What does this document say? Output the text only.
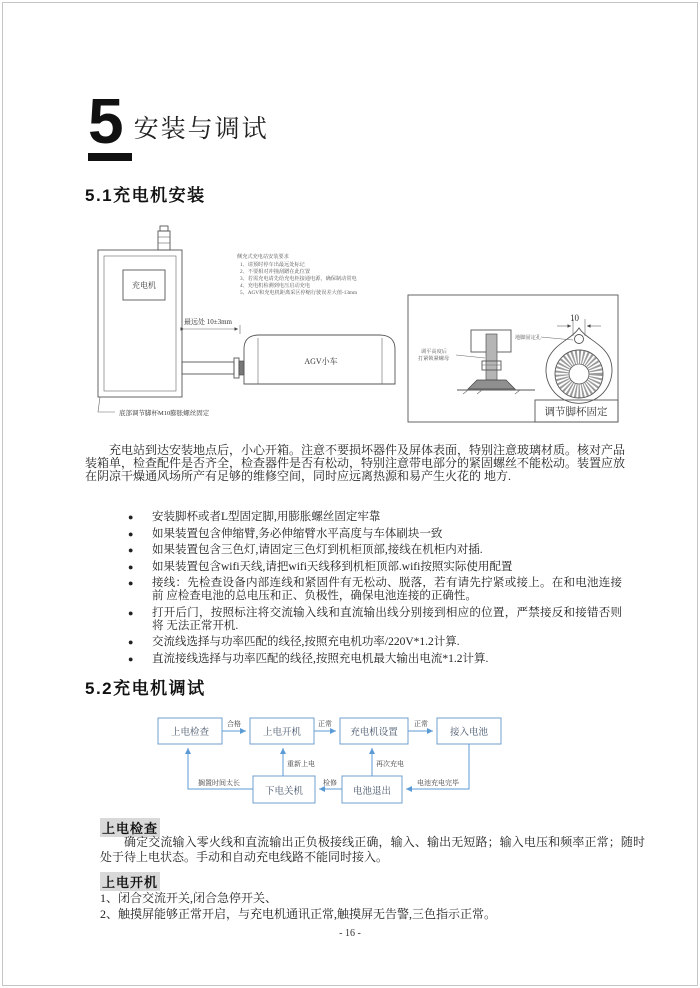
5 安装与调试
5.1充电机安装
充电机
侧充式充电站安装要求
1、请预时停车出最远处标记
2、不要相对冲撞刮蹭在此位置
3、若需充电请先给充电柜接通电源，确保制动常电
4、充电机检测到电压启动充电
5、AGV和充电机距离采区停缩行驶误差大值-13mm
最远处 10±3mm
AGV小车
底部调节脚杯M10膨胀螺丝固定
调平高度后
打紧锁紧螺母
10
地脚固定孔
调节脚杯固定

充电站到达安装地点后，小心开箱。注意不要损坏器件及屏体表面，特别注意玻璃材质。核对产品装箱单，检查配件是否齐全，检查器件是否有松动，特别注意带电部分的紧固螺丝不能松动。装置应放在阴凉干燥通风场所产有足够的维修空间，同时应远离热源和易产生火花的 地方.

● 安装脚杯或者L型固定脚,用膨胀螺丝固定牢靠
● 如果装置包含伸缩臂,务必伸缩臂水平高度与车体刷块一致
● 如果装置包含三色灯,请固定三色灯到机柜顶部,接线在机柜内对插.
● 如果装置包含wifi天线,请把wifi天线移到机柜顶部.wifi按照实际使用配置
● 接线：先检查设备内部连线和紧固件有无松动、脱落，若有请先拧紧或接上。在和电池连接前 应检查电池的总电压和正、负极性，确保电池连接的正确性。
● 打开后门，按照标注将交流输入线和直流输出线分别接到相应的位置，严禁接反和接错否则将 无法正常开机.
● 交流线选择与功率匹配的线径,按照充电机功率/220V*1.2计算.
● 直流接线选择与功率匹配的线径,按照充电机最大输出电流*1.2计算.
5.2充电机调试
合格	正常	正常
重新上电	再次充电
搁置时间太长	检修	电池充电完毕
上电检查	上电开机	充电机设置	接入电池
下电关机	电池退出
上电检查
确定交流输入零火线和直流输出正负极接线正确，输入、输出无短路；输入电压和频率正常；随时处于待上电状态。手动和自动充电线路不能同时接入。
上电开机
1、闭合交流开关,闭合急停开关、
2、触摸屏能够正常开启，与充电机通讯正常,触摸屏无告警,三色指示正常。
- 16 -
